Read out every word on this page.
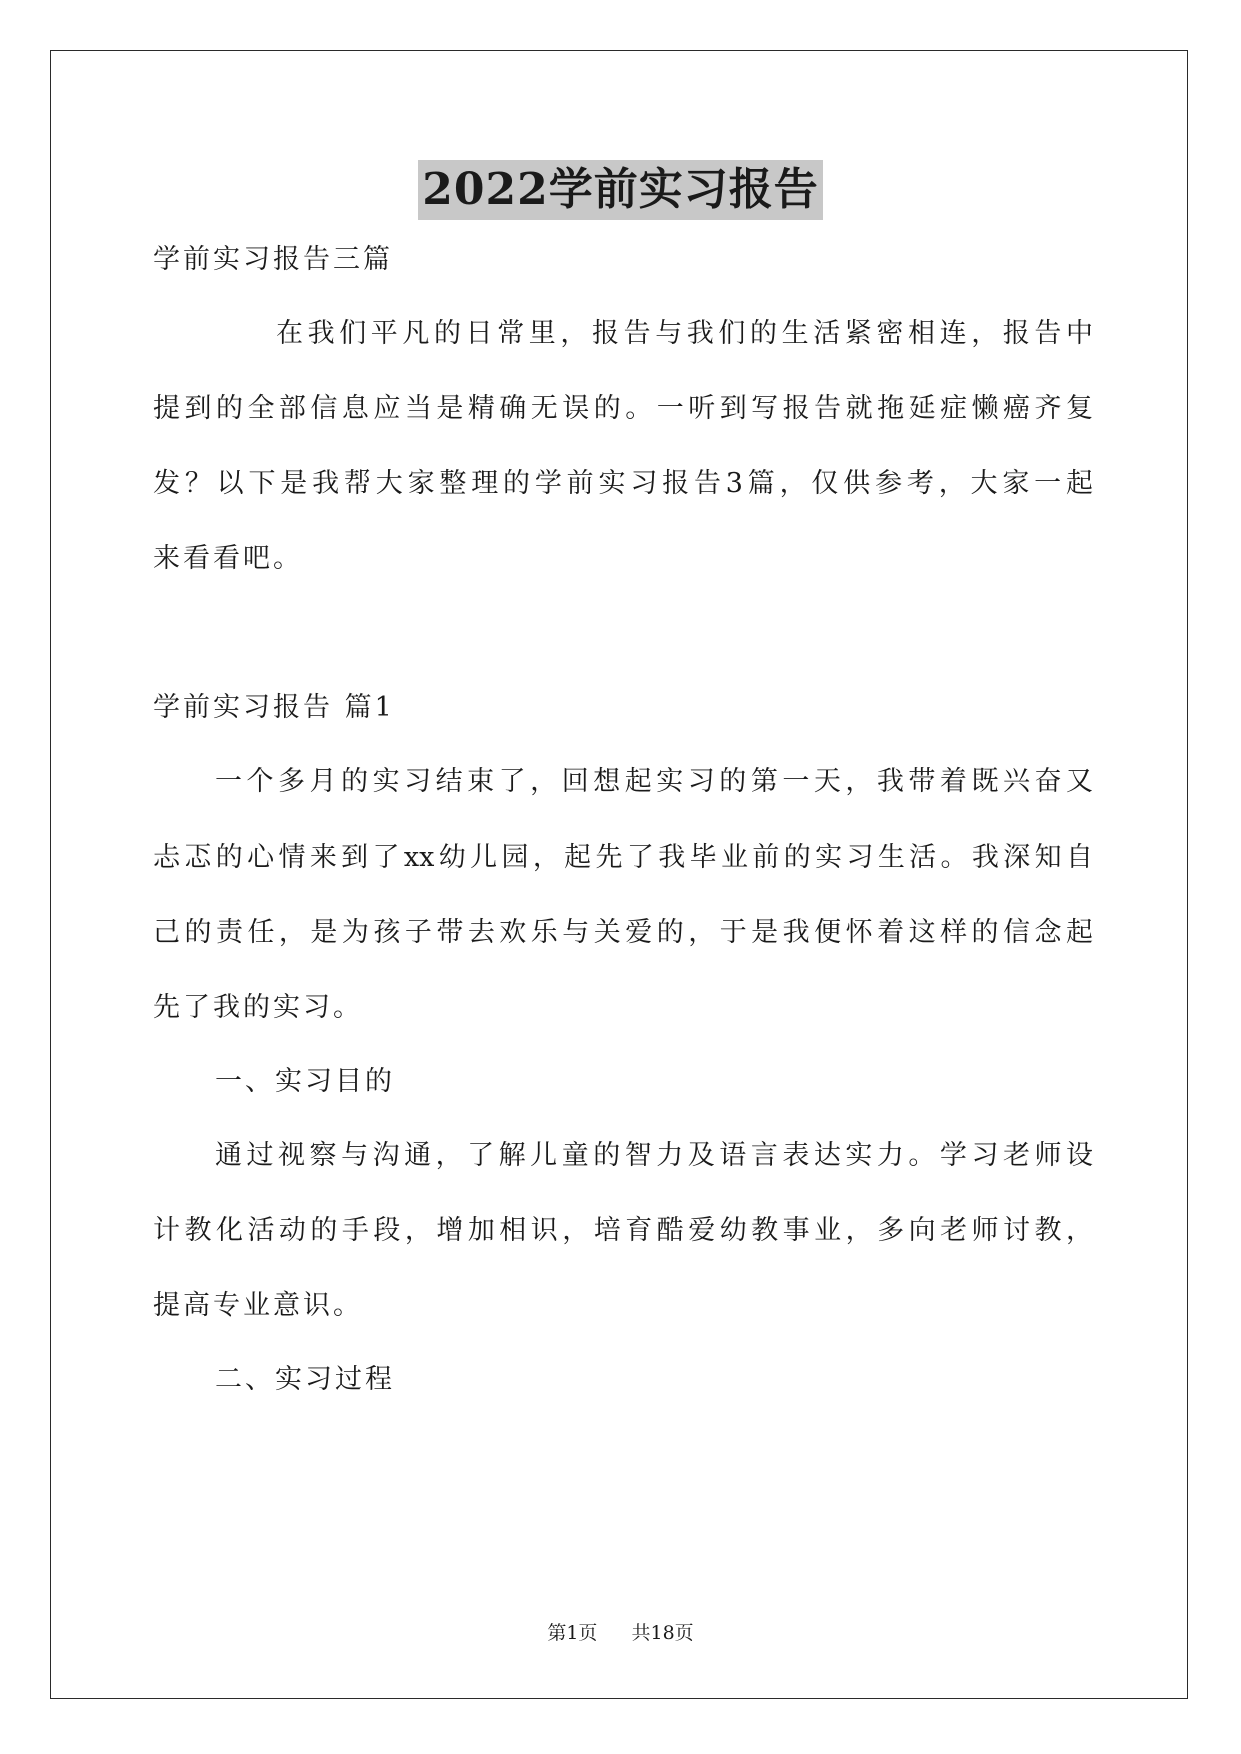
2022学前实习报告
学前实习报告三篇
在我们平凡的日常里，报告与我们的生活紧密相连，报告中
提到的全部信息应当是精确无误的。一听到写报告就拖延症懒癌齐复
发？以下是我帮大家整理的学前实习报告3篇，仅供参考，大家一起
来看看吧。
学前实习报告 篇1
一个多月的实习结束了，回想起实习的第一天，我带着既兴奋又
忐忑的心情来到了xx幼儿园，起先了我毕业前的实习生活。我深知自
己的责任，是为孩子带去欢乐与关爱的，于是我便怀着这样的信念起
先了我的实习。
一、实习目的
通过视察与沟通，了解儿童的智力及语言表达实力。学习老师设
计教化活动的手段，增加相识，培育酷爱幼教事业，多向老师讨教，
提高专业意识。
二、实习过程
第1页 共18页
